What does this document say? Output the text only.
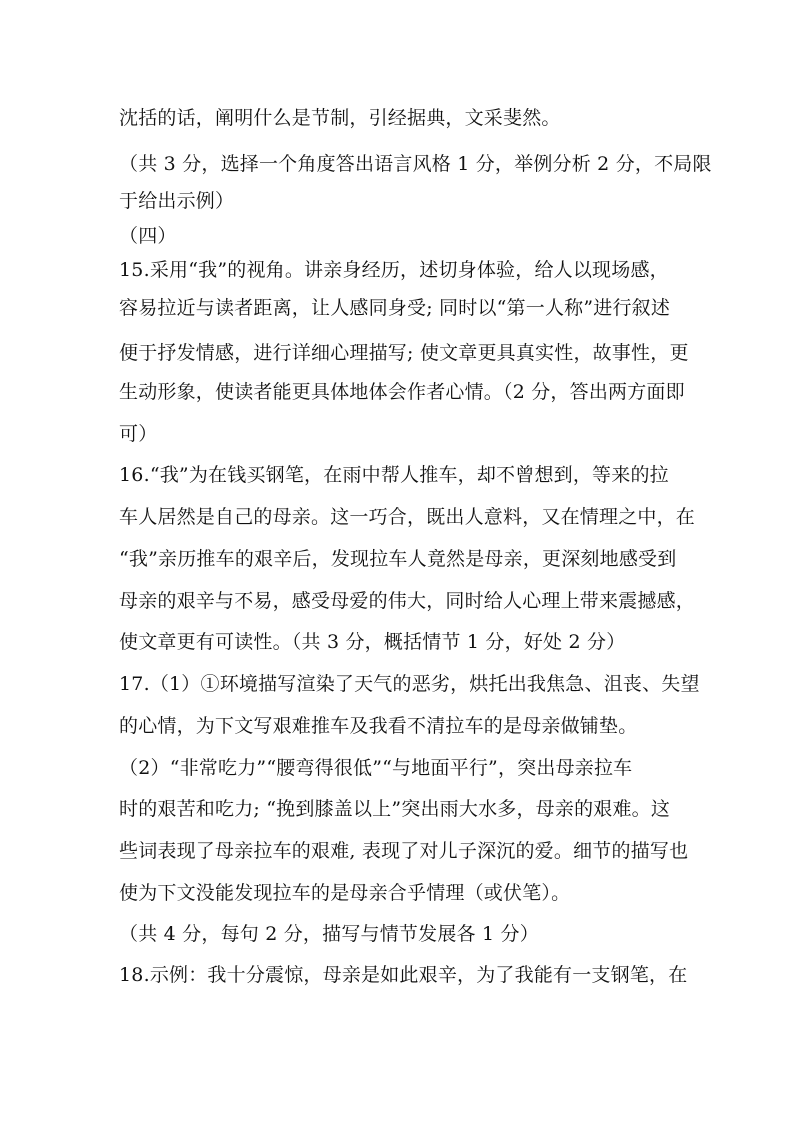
沈括的话，阐明什么是节制，引经据典，文采斐然。
（共 3 分，选择一个角度答出语言风格 1 分，举例分析 2 分，不局限
于给出示例）
（四）
15.采用“我”的视角。讲亲身经历，述切身体验，给人以现场感，
容易拉近与读者距离，让人感同身受; 同时以“第一人称”进行叙述
便于抒发情感，进行详细心理描写; 使文章更具真实性，故事性，更
生动形象，使读者能更具体地体会作者心情。（2 分，答出两方面即
可）
16.“我”为在钱买钢笔，在雨中帮人推车，却不曾想到，等来的拉
车人居然是自己的母亲。这一巧合，既出人意料，又在情理之中，在
“我”亲历推车的艰辛后，发现拉车人竟然是母亲，更深刻地感受到
母亲的艰辛与不易，感受母爱的伟大，同时给人心理上带来震撼感，
使文章更有可读性。（共 3 分，概括情节 1 分，好处 2 分）
17.（1）①环境描写渲染了天气的恶劣，烘托出我焦急、沮丧、失望
的心情，为下文写艰难推车及我看不清拉车的是母亲做铺垫。
（2）“非常吃力”“腰弯得很低”“与地面平行”，突出母亲拉车
时的艰苦和吃力; “挽到膝盖以上”突出雨大水多，母亲的艰难。这
些词表现了母亲拉车的艰难, 表现了对儿子深沉的爱。细节的描写也
使为下文没能发现拉车的是母亲合乎情理（或伏笔）。
（共 4 分，每句 2 分，描写与情节发展各 1 分）
18.示例：我十分震惊，母亲是如此艰辛，为了我能有一支钢笔，在
